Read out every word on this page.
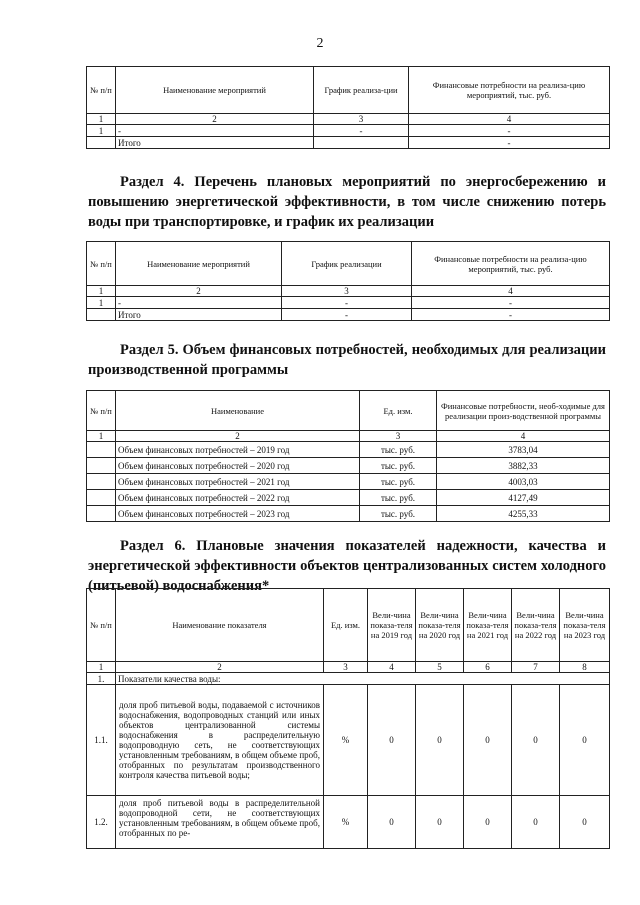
2
№ п/п	Наименование мероприятий	График реализа-ции	Финансовые потребности на реализа-цию мероприятий, тыс. руб.
1	2	3	4
1	-	-	-
	Итого		-
Раздел 4. Перечень плановых мероприятий по энергосбережению и повышению энергетической эффективности, в том числе снижению потерь воды при транспортировке, и график их реализации
№ п/п	Наименование мероприятий	График реализации	Финансовые потребности на реализа-цию мероприятий, тыс. руб.
1	2	3	4
1	-	-	-
	Итого	-	-
Раздел 5. Объем финансовых потребностей, необходимых для реализации производственной программы
№ п/п	Наименование	Ед. изм.	Финансовые потребности, необ-ходимые для реализации произ-водственной программы
1	2	3	4
	Объем финансовых потребностей – 2019 год	тыс. руб.	3783,04
	Объем финансовых потребностей – 2020 год	тыс. руб.	3882,33
	Объем финансовых потребностей – 2021 год	тыс. руб.	4003,03
	Объем финансовых потребностей – 2022 год	тыс. руб.	4127,49
	Объем финансовых потребностей – 2023 год	тыс. руб.	4255,33
Раздел 6. Плановые значения показателей надежности, качества и энергетической эффективности объектов централизованных систем холодного (питьевой) водоснабжения*
№ п/п	Наименование показателя	Ед. изм.	Вели-чина показа-теля на 2019 год	Вели-чина показа-теля на 2020 год	Вели-чина показа-теля на 2021 год	Вели-чина показа-теля на 2022 год	Вели-чина показа-теля на 2023 год
1	2	3	4	5	6	7	8
1.	Показатели качества воды:						
1.1.	доля проб питьевой воды, подаваемой с источников водоснабжения, водопроводных станций или иных объектов централизованной системы водоснабжения в распределительную водопроводную сеть, не соответствующих установленным требованиям, в общем объеме проб, отобранных по результатам производственного контроля качества питьевой воды;	%	0	0	0	0	0
1.2.	доля проб питьевой воды в распределительной водопроводной сети, не соответствующих установленным требованиям, в общем объеме проб, отобранных по ре-	%	0	0	0	0	0
